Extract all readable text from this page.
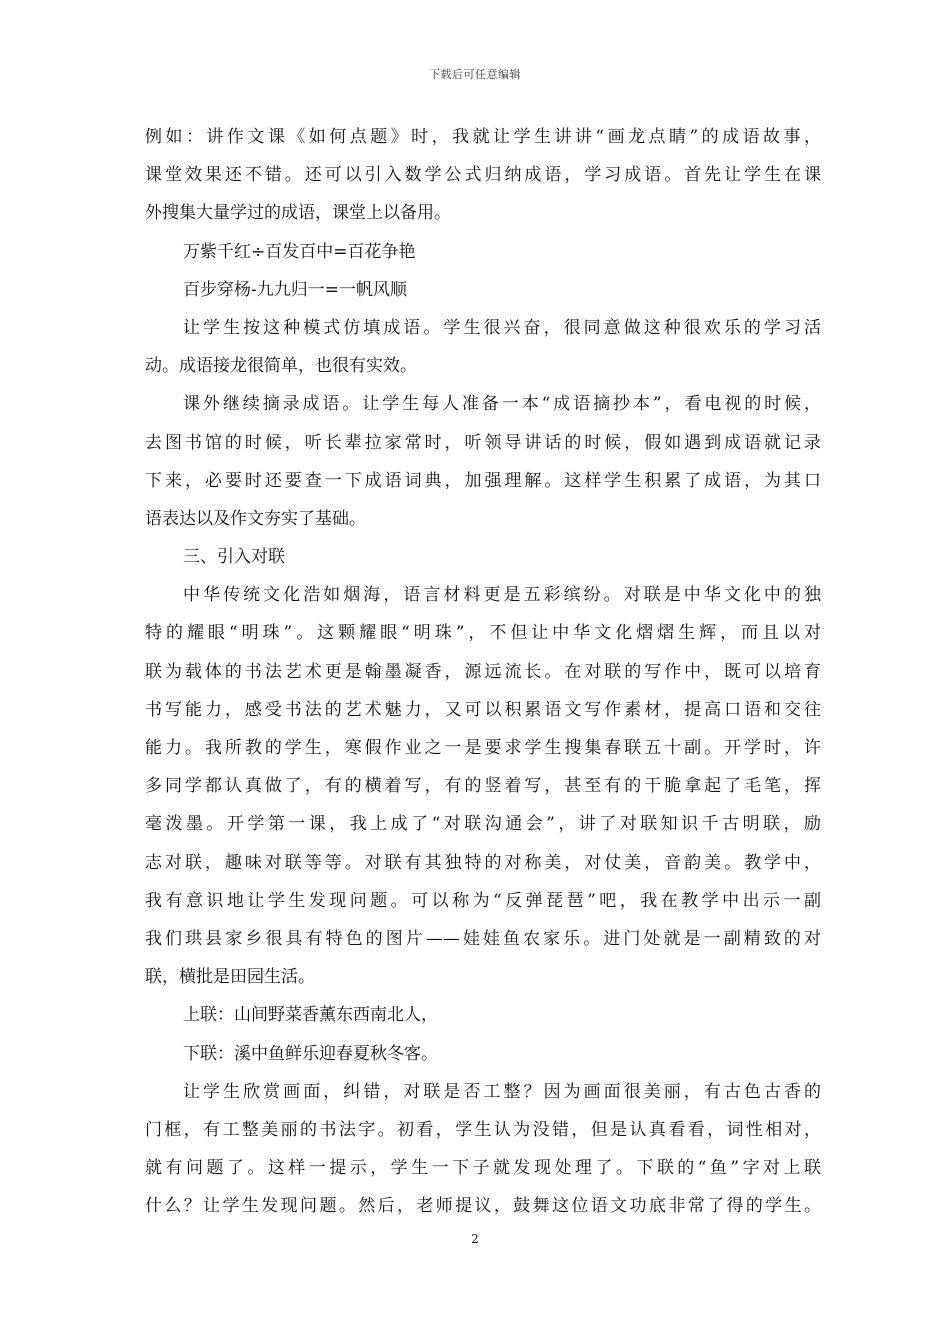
下载后可任意编辑
例如：讲作文课《如何点题》时，我就让学生讲讲“画龙点睛”的成语故事，
课堂效果还不错。还可以引入数学公式归纳成语，学习成语。首先让学生在课
外搜集大量学过的成语，课堂上以备用。
万紫千红÷百发百中=百花争艳
百步穿杨-九九归一=一帆风顺
让学生按这种模式仿填成语。学生很兴奋，很同意做这种很欢乐的学习活
动。成语接龙很简单，也很有实效。
课外继续摘录成语。让学生每人准备一本“成语摘抄本”，看电视的时候，
去图书馆的时候，听长辈拉家常时，听领导讲话的时候，假如遇到成语就记录
下来，必要时还要查一下成语词典，加强理解。这样学生积累了成语，为其口
语表达以及作文夯实了基础。
三、引入对联
中华传统文化浩如烟海，语言材料更是五彩缤纷。对联是中华文化中的独
特的耀眼“明珠”。这颗耀眼“明珠”，不但让中华文化熠熠生辉，而且以对
联为载体的书法艺术更是翰墨凝香，源远流长。在对联的写作中，既可以培育
书写能力，感受书法的艺术魅力，又可以积累语文写作素材，提高口语和交往
能力。我所教的学生，寒假作业之一是要求学生搜集春联五十副。开学时，许
多同学都认真做了，有的横着写，有的竖着写，甚至有的干脆拿起了毛笔，挥
毫泼墨。开学第一课，我上成了“对联沟通会”，讲了对联知识千古明联，励
志对联，趣味对联等等。对联有其独特的对称美，对仗美，音韵美。教学中，
我有意识地让学生发现问题。可以称为“反弹琵琶”吧，我在教学中出示一副
我们珙县家乡很具有特色的图片——娃娃鱼农家乐。进门处就是一副精致的对
联，横批是田园生活。
上联：山间野菜香薰东西南北人，
下联：溪中鱼鲜乐迎春夏秋冬客。
让学生欣赏画面，纠错，对联是否工整？因为画面很美丽，有古色古香的
门框，有工整美丽的书法字。初看，学生认为没错，但是认真看看，词性相对，
就有问题了。这样一提示，学生一下子就发现处理了。下联的“鱼”字对上联
什么？让学生发现问题。然后，老师提议，鼓舞这位语文功底非常了得的学生。
2
